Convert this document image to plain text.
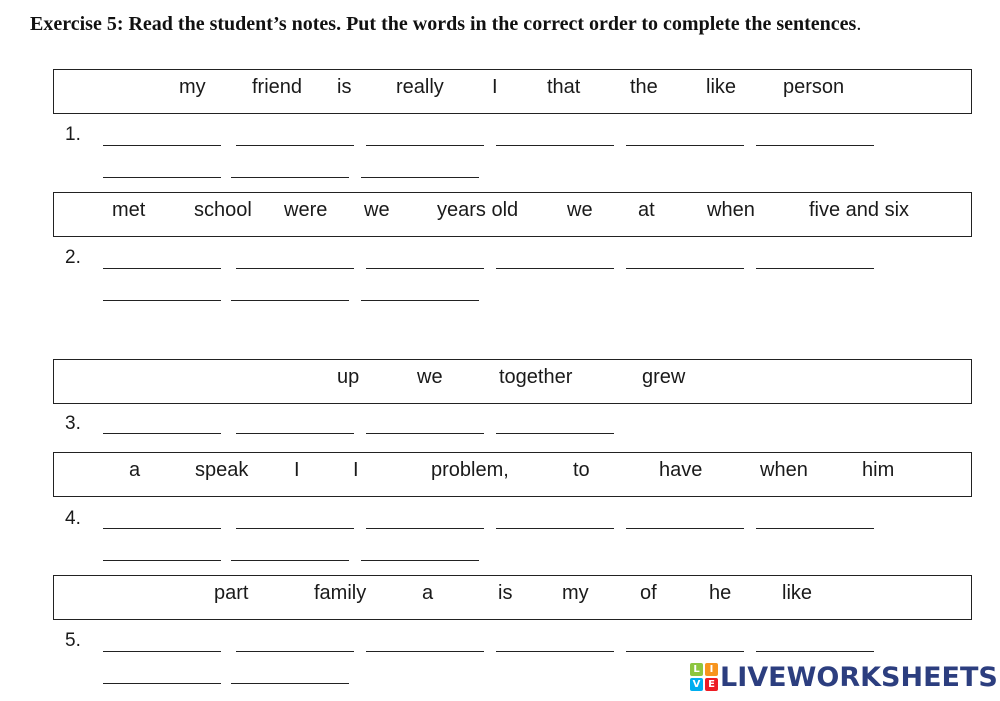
Exercise 5: Read the student’s notes. Put the words in the correct order to complete the sentences.
my friend is really I that the like person
1.
met school were we years old we at	when	five and six
2.
up	we	together	grew
3.
a	speak I	I	problem,	to	have	when	him
4.
part	family	a	is my	of	he	like
5.
L I
V E LIVEWORKSHEETS
